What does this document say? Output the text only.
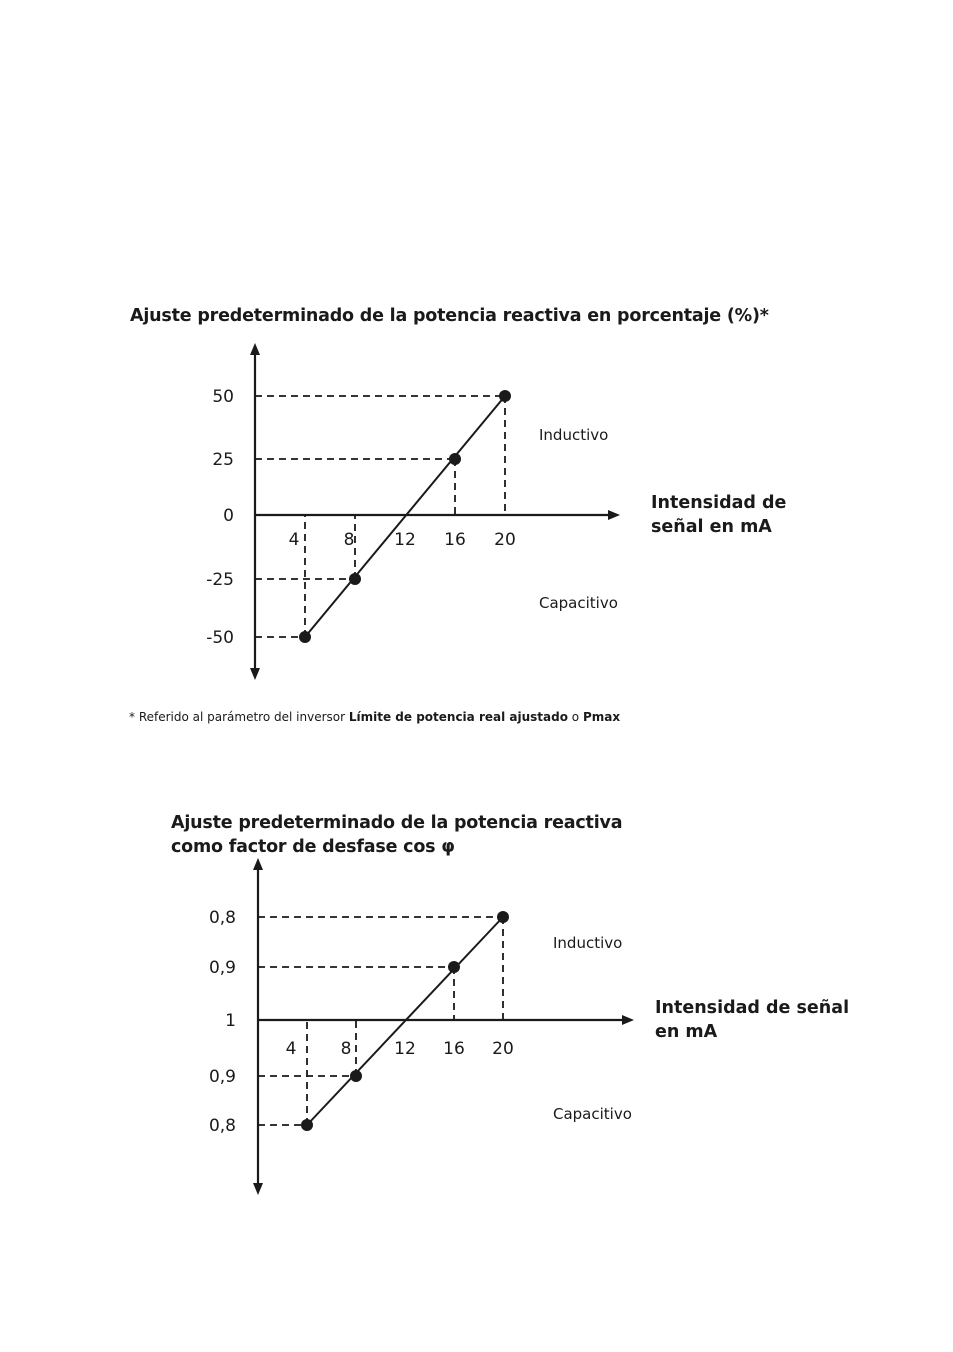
Ajuste predeterminado de la potencia reactiva en porcentaje (%)*
Intensidad de
señal en mA
* Referido al parámetro del inversor Límite de potencia real ajustado o Pmax
Ajuste predeterminado de la potencia reactiva
como factor de desfase cos φ
Intensidad de señal
en mA
50
25
0
-25
-50
4	8 12 16 20
Inductivo
Capacitivo
0,8
0,9
1
0,9
0,8
4	8	12 16 20
Inductivo
Capacitivo
